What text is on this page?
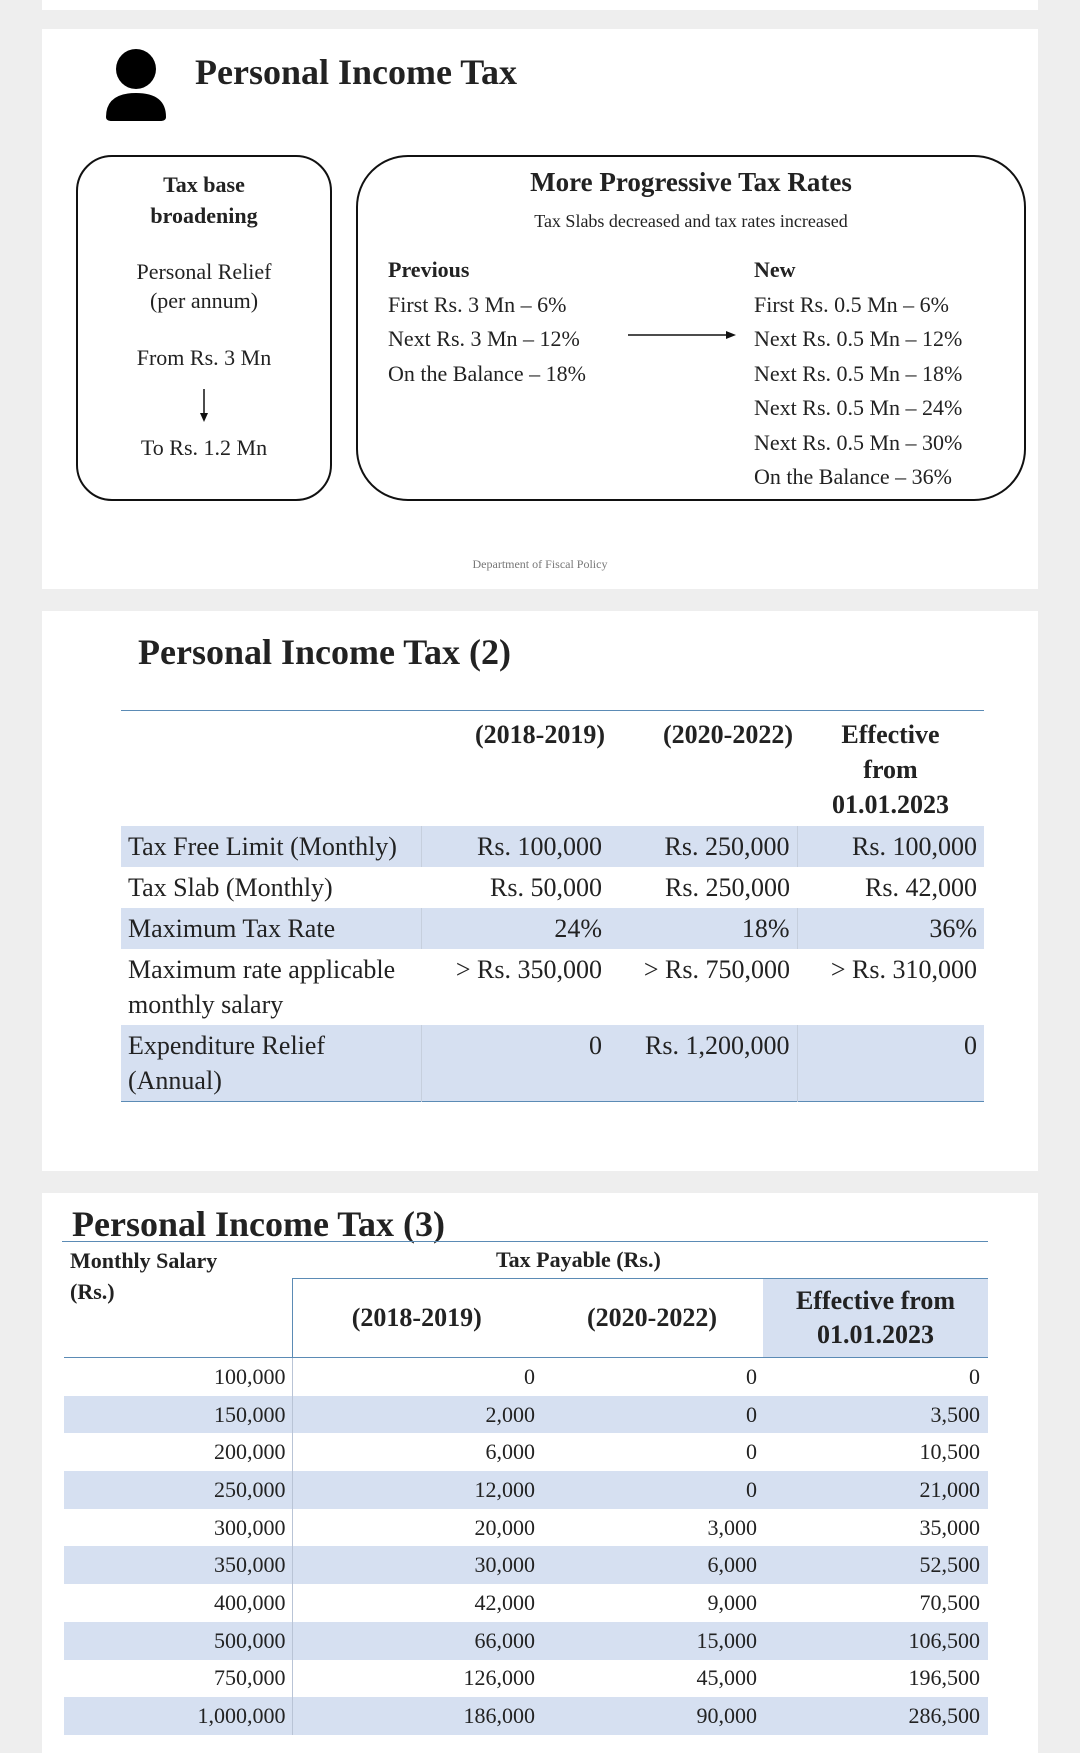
Personal Income Tax
Tax base
broadening
Personal Relief
(per annum)
From Rs. 3 Mn
To Rs. 1.2 Mn
More Progressive Tax Rates
Tax Slabs decreased and tax rates increased
Previous
First Rs. 3 Mn – 6%
Next Rs. 3 Mn – 12%
On the Balance – 18%
New
First Rs. 0.5 Mn – 6%
Next Rs. 0.5 Mn – 12%
Next Rs. 0.5 Mn – 18%
Next Rs. 0.5 Mn – 24%
Next Rs. 0.5 Mn – 30%
On the Balance – 36%
Department of Fiscal Policy
Personal Income Tax (2)
	(2018-2019)	(2020-2022)	Effective from 01.01.2023
Tax Free Limit (Monthly)	Rs. 100,000	Rs. 250,000	Rs. 100,000
Tax Slab (Monthly)	Rs. 50,000	Rs. 250,000	Rs. 42,000
Maximum Tax Rate	24%	18%	36%
Maximum rate applicable monthly salary	> Rs. 350,000	> Rs. 750,000	> Rs. 310,000
Expenditure Relief (Annual)	0	Rs. 1,200,000	0
Personal Income Tax (3)
Monthly Salary
(Rs.)
Tax Payable (Rs.)
	(2018-2019)	(2020-2022)	Effective from 01.01.2023
100,000	0	0	0
150,000	2,000	0	3,500
200,000	6,000	0	10,500
250,000	12,000	0	21,000
300,000	20,000	3,000	35,000
350,000	30,000	6,000	52,500
400,000	42,000	9,000	70,500
500,000	66,000	15,000	106,500
750,000	126,000	45,000	196,500
1,000,000	186,000	90,000	286,500
